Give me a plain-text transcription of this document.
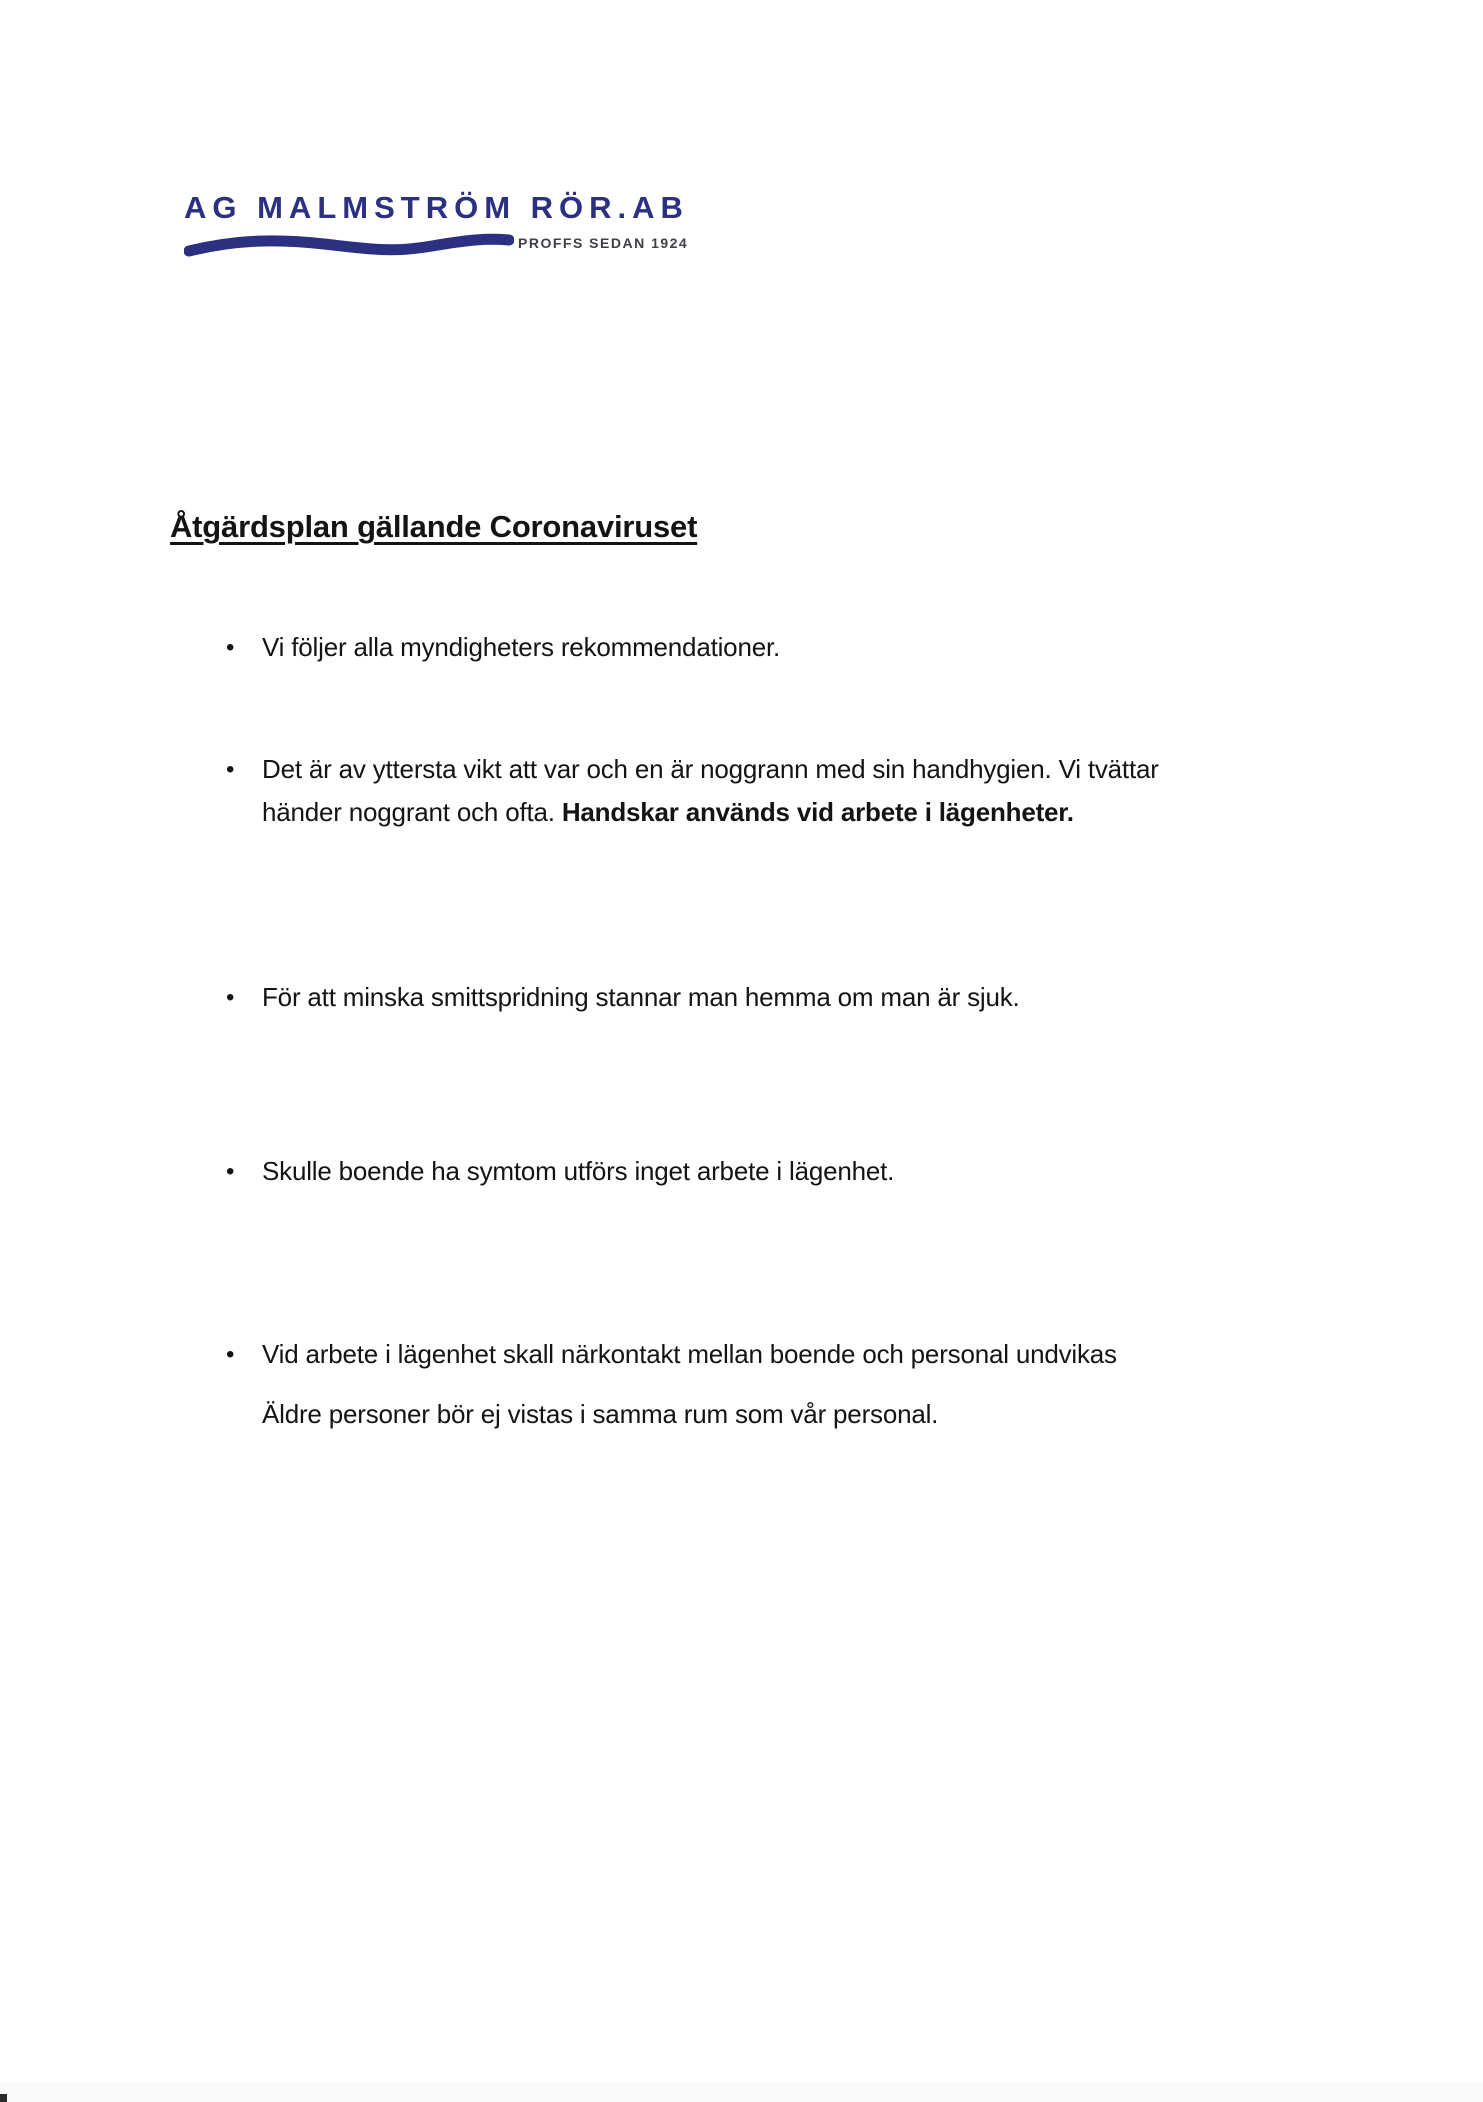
AG MALMSTRÖM RÖR.AB
PROFFS SEDAN 1924
Åtgärdsplan gällande Coronaviruset
•	Vi följer alla myndigheters rekommendationer.
•	Det är av yttersta vikt att var och en är noggrann med sin handhygien. Vi tvättar
händer noggrant och ofta. Handskar används vid arbete i lägenheter.
•	För att minska smittspridning stannar man hemma om man är sjuk.
•	Skulle boende ha symtom utförs inget arbete i lägenhet.
•	Vid arbete i lägenhet skall närkontakt mellan boende och personal undvikas
Äldre personer bör ej vistas i samma rum som vår personal.
